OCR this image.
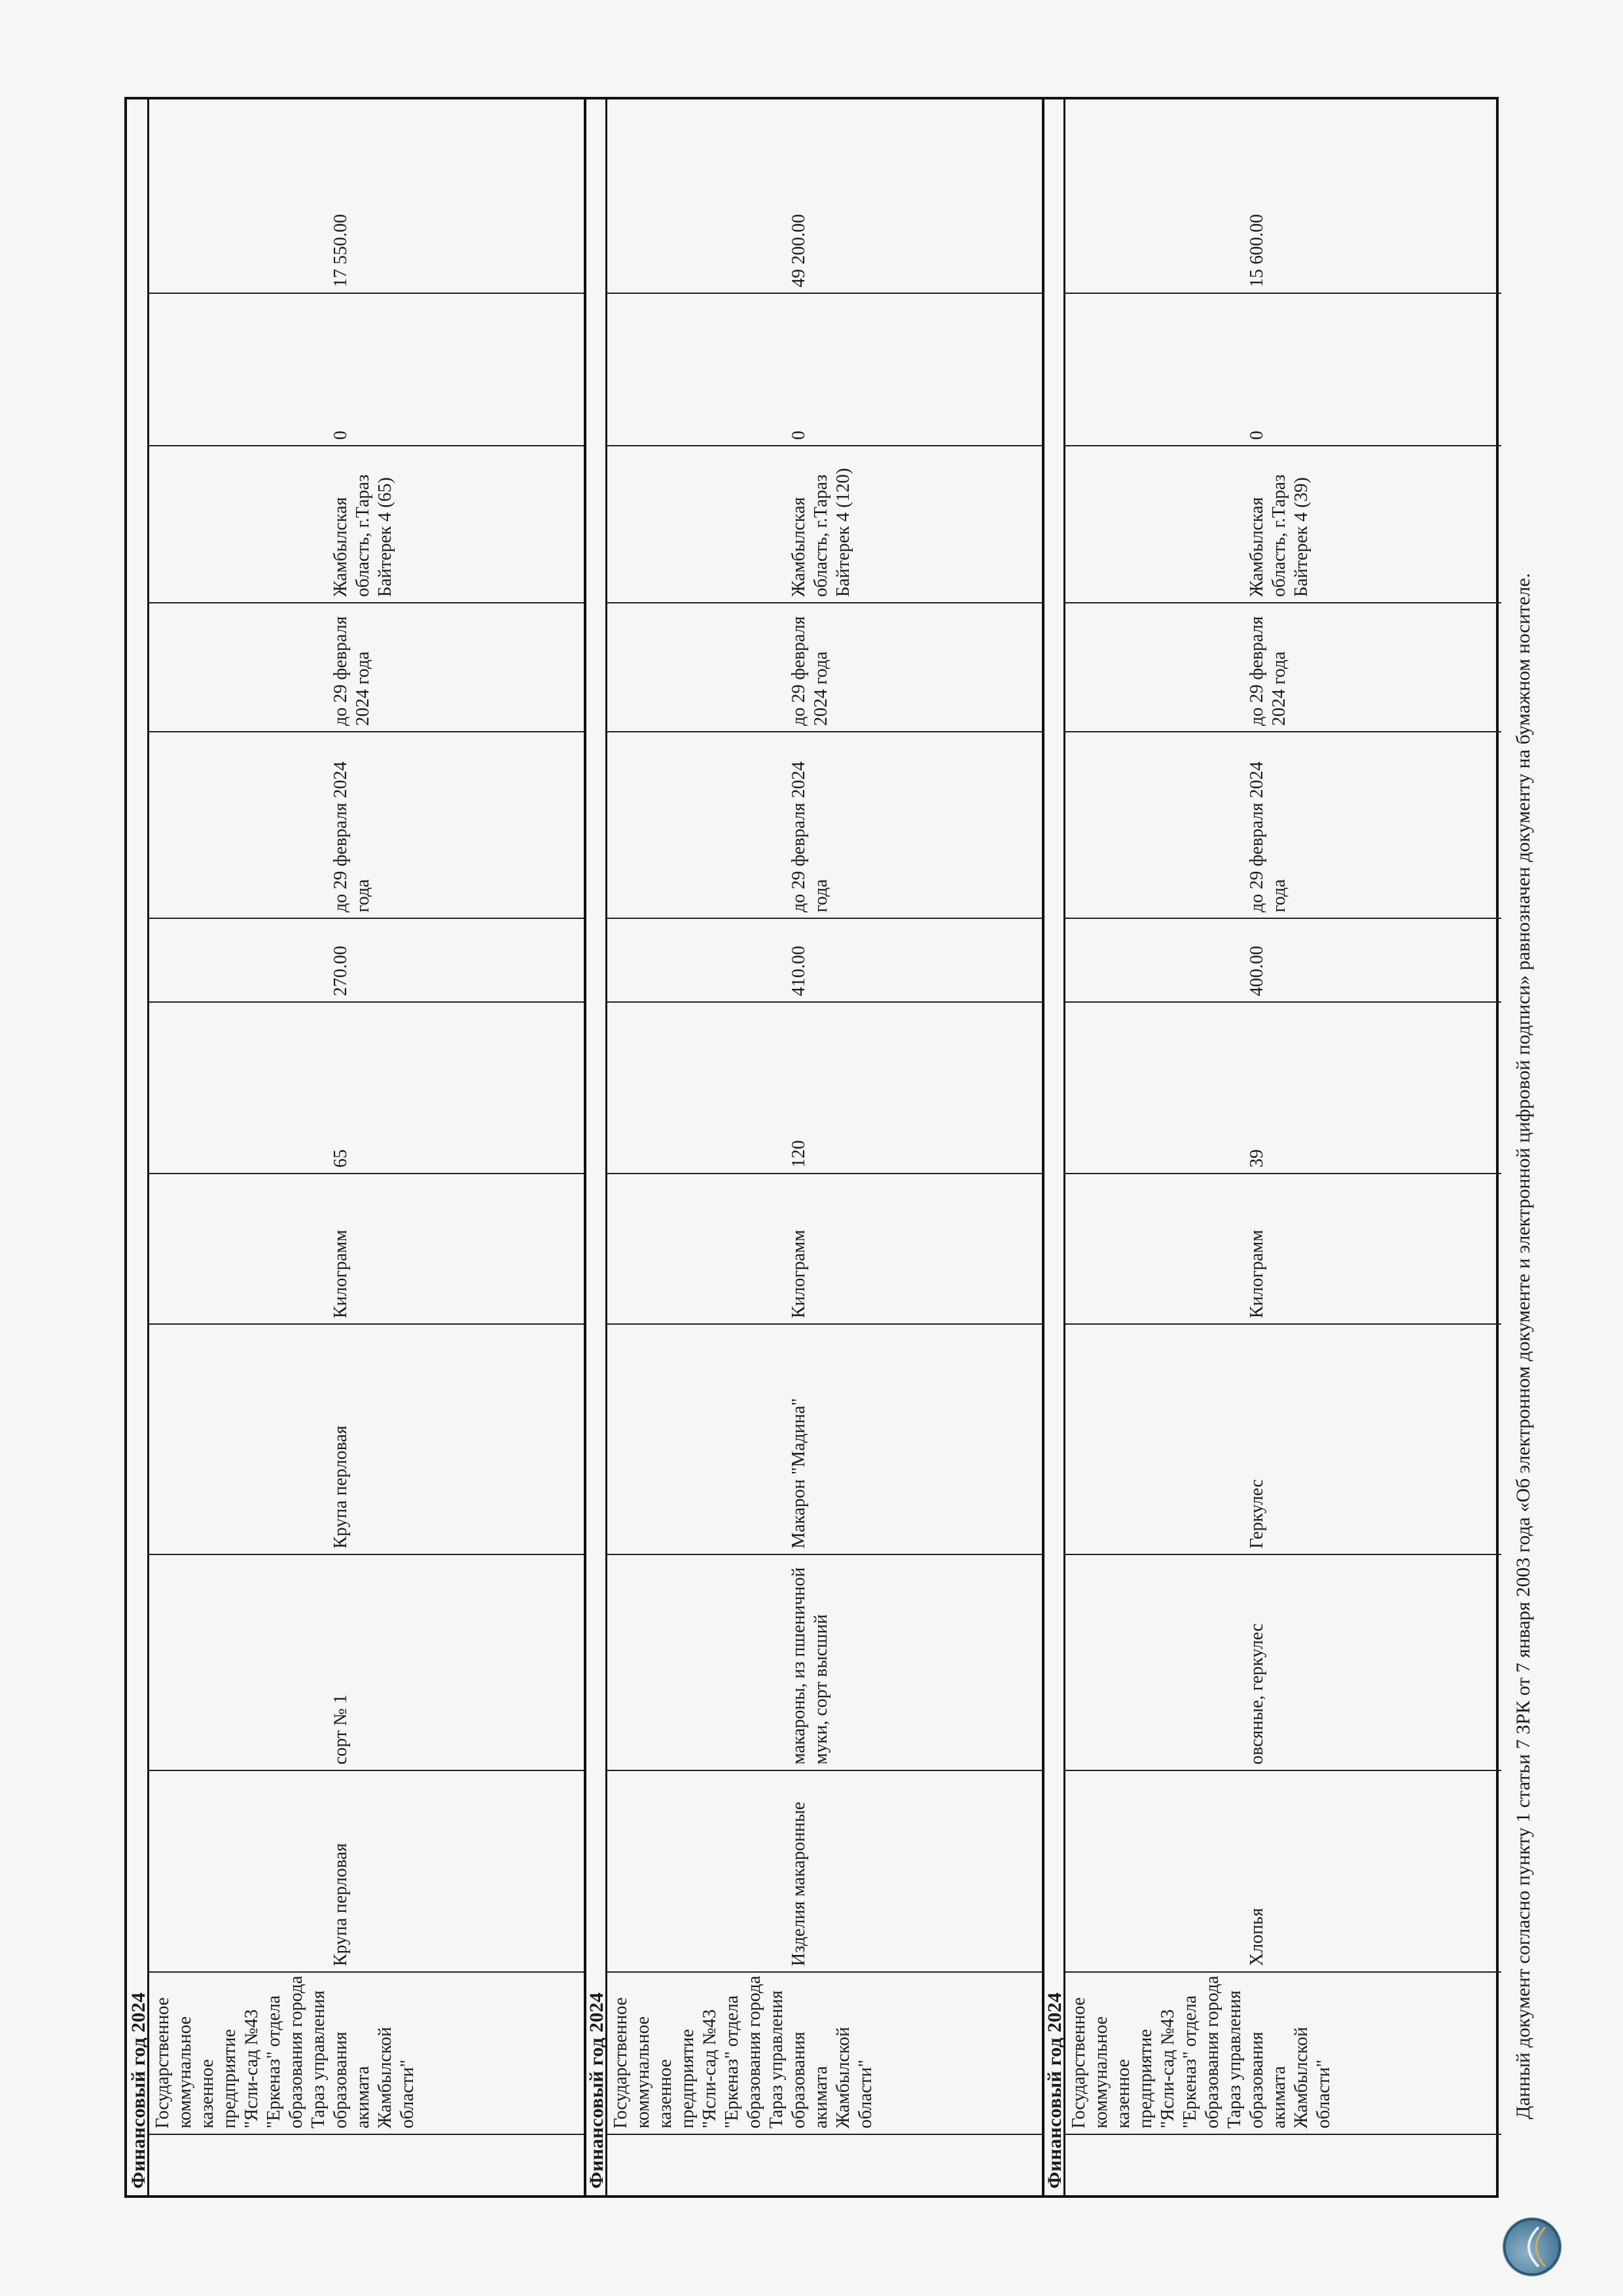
Финансовый год 2024 Государственное коммунальное казенное предприятие "Ясли-сад №43 "Еркеназ" отдела образования города Тараз управления образования акимата Жамбылской области"
Крупа перловая
сорт № 1
Крупа перловая
Килограмм
65
270.00
до 29 февраля 2024 года
до 29 февраля 2024 года
Жамбылская область, г.Тараз Байтерек 4 (65)
0
17 550.00
Финансовый год 2024 Государственное коммунальное казенное предприятие "Ясли-сад №43 "Еркеназ" отдела образования города Тараз управления образования акимата Жамбылской области"
Изделия макаронные
макароны, из пшеничной муки, сорт высший
Макарон "Мадина"
Килограмм
120
410.00
до 29 февраля 2024 года
до 29 февраля 2024 года
Жамбылская область, г.Тараз Байтерек 4 (120)
0
49 200.00
Финансовый год 2024 Государственное коммунальное казенное предприятие "Ясли-сад №43 "Еркеназ" отдела образования города Тараз управления образования акимата Жамбылской области"
Хлопья
овсяные, геркулес
Геркулес
Килограмм
39
400.00
до 29 февраля 2024 года
до 29 февраля 2024 года
Жамбылская область, г.Тараз Байтерек 4 (39)
0
15 600.00
Данный документ согласно пункту 1 статьи 7 ЗРК от 7 января 2003 года «Об электронном документе и электронной цифровой подписи» равнозначен документу на бумажном носителе.
